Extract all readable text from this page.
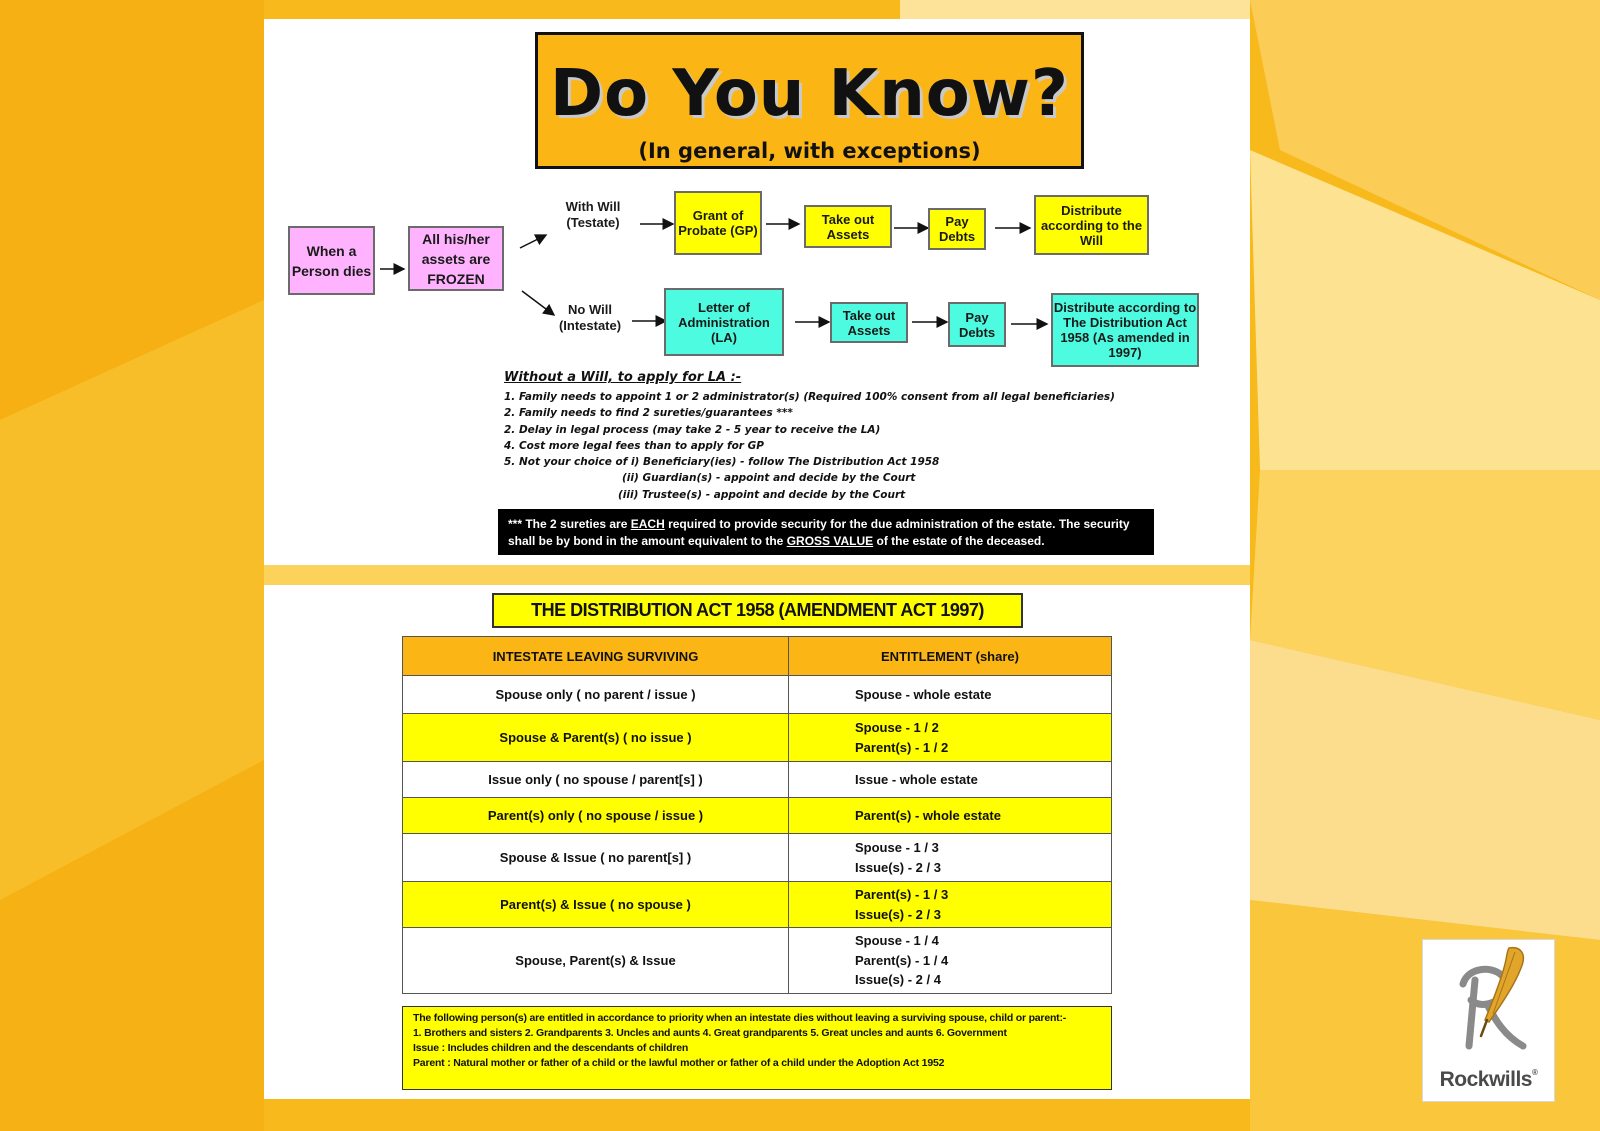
Do You Know?
(In general, with exceptions)
When a Person dies
All his/her assets are FROZEN
With Will (Testate)
No Will (Intestate)
Grant of Probate (GP)
Take out Assets
Pay Debts
Distribute according to the Will
Letter of Administration (LA)
Take out Assets
Pay Debts
Distribute according to The Distribution Act 1958 (As amended in 1997)
Without a Will, to apply for LA :-
1. Family needs to appoint 1 or 2 administrator(s) (Required 100% consent from all legal beneficiaries)
2. Family needs to find 2 sureties/guarantees ***
2. Delay in legal process (may take 2 - 5 year to receive the LA)
4. Cost more legal fees than to apply for GP
5. Not your choice of i) Beneficiary(ies) - follow The Distribution Act 1958
(ii) Guardian(s) - appoint and decide by the Court
(iii) Trustee(s) - appoint and decide by the Court
*** The 2 sureties are EACH required to provide security for the due administration of the estate. The security shall be by bond in the amount equivalent to the GROSS VALUE of the estate of the deceased.
THE DISTRIBUTION ACT 1958 (AMENDMENT ACT 1997)
INTESTATE LEAVING SURVIVING	ENTITLEMENT (share)
Spouse only ( no parent / issue )	Spouse - whole estate

Spouse & Parent(s) ( no issue )	Spouse - 1 / 2
Parent(s) - 1 / 2

Issue only ( no spouse / parent[s] )	Issue - whole estate

Parent(s) only ( no spouse / issue )	Parent(s) - whole estate

Spouse & Issue ( no parent[s] )	Spouse - 1 / 3
Issue(s) - 2 / 3

Parent(s) & Issue ( no spouse )	Parent(s) - 1 / 3
Issue(s) - 2 / 3

Spouse, Parent(s) & Issue	Spouse - 1 / 4
Parent(s) - 1 / 4
Issue(s) - 2 / 4
The following person(s) are entitled in accordance to priority when an intestate dies without leaving a surviving spouse, child or parent:-
1. Brothers and sisters 2. Grandparents 3. Uncles and aunts 4. Great grandparents 5. Great uncles and aunts 6. Government
Issue : Includes children and the descendants of children
Parent : Natural mother or father of a child or the lawful mother or father of a child under the Adoption Act 1952
Rockwills®
